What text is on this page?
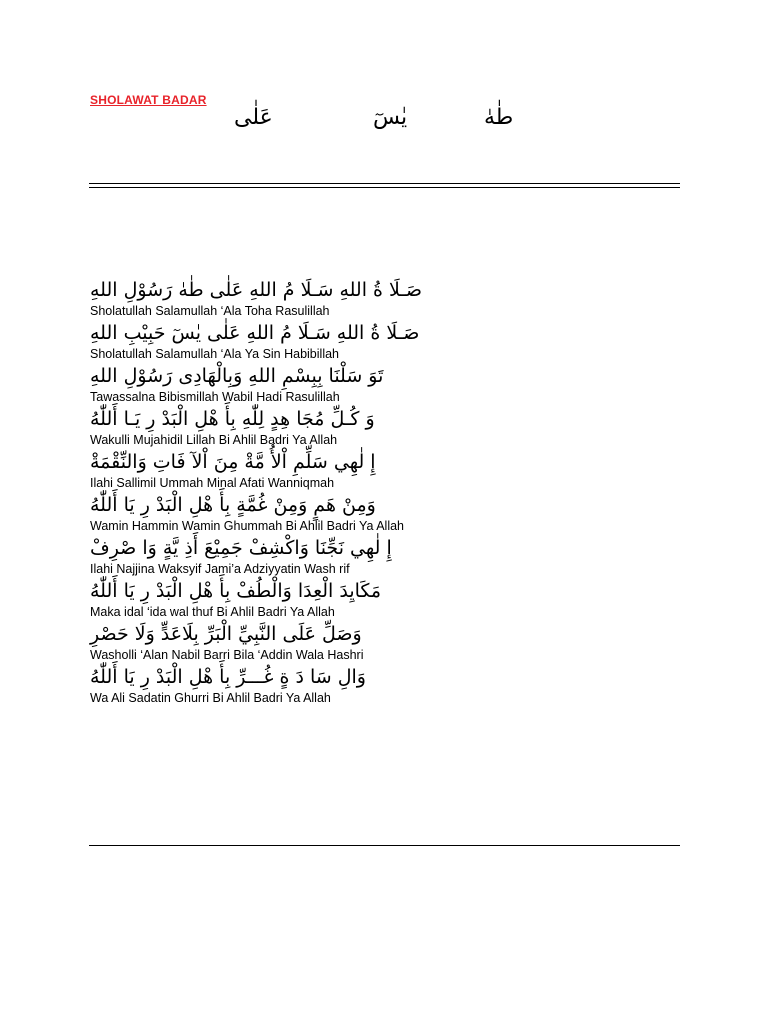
SHOLAWAT BADAR
عَلٰى	يٰسٓ	طٰهٰ
صَـلَا ةُ اللهِ سَـلَا مُ اللهِ عَلٰى طٰهٰ رَسُوْلِ اللهِ
Sholatullah Salamullah ‘Ala Toha Rasulillah
صَـلَا ةُ اللهِ سَـلَا مُ اللهِ عَلٰى يٰسٓ حَبِيْبِ اللهِ
Sholatullah Salamullah ‘Ala Ya Sin Habibillah
تَوَ سَلْنَا بِبِسْمِ اللهِ وَبِالْهَادِى رَسُوْلِ اللهِ
Tawassalna Bibismillah Wabil Hadi Rasulillah
وَ كُـلِّ مُجَا هِدٍ لِلّٰهِ بِأَ هْلِ الْبَدْ رِ يَـا أَللّٰهُ
Wakulli Mujahidil Lillah Bi Ahlil Badri Ya Allah
إِ لٰهِي سَلِّمِ اْلأُ مَّةْ مِنَ اْلآ فَاتِ وَالنِّقْمَةْ
Ilahi Sallimil Ummah Minal Afati Wanniqmah
وَمِنْ هَمٍ وَمِنْ غُمَّةٍ بِأَ هْلِ الْبَدْ رِ يَا أَللّٰهُ
Wamin Hammin Wamin Ghummah Bi Ahlil Badri Ya Allah
إِ لٰهِي نَجِّنَا وَاكْشِفْ جَمِيْعَ أَذِ يَّةٍ وَا صْرِفْ
Ilahi Najjina Waksyif Jami’a Adziyyatin Wash rif
مَكَايِدَ الْعِدَا وَالْطُفْ بِأَ هْلِ الْبَدْ رِ يَا أَللّٰهُ
Maka idal ‘ida wal thuf Bi Ahlil Badri Ya Allah
وَصَلِّ عَلَى النَّبِيِّ الْبَرِّ بِلَاعَدٍّ وَلَا حَصْرِ
Washolli ‘Alan Nabil Barri Bila ‘Addin Wala Hashri
وَالِ سَا دَ ةٍ غُـــرِّ بِأَ هْلِ الْبَدْ رِ يَا أَللّٰهُ
Wa Ali Sadatin Ghurri Bi Ahlil Badri Ya Allah
